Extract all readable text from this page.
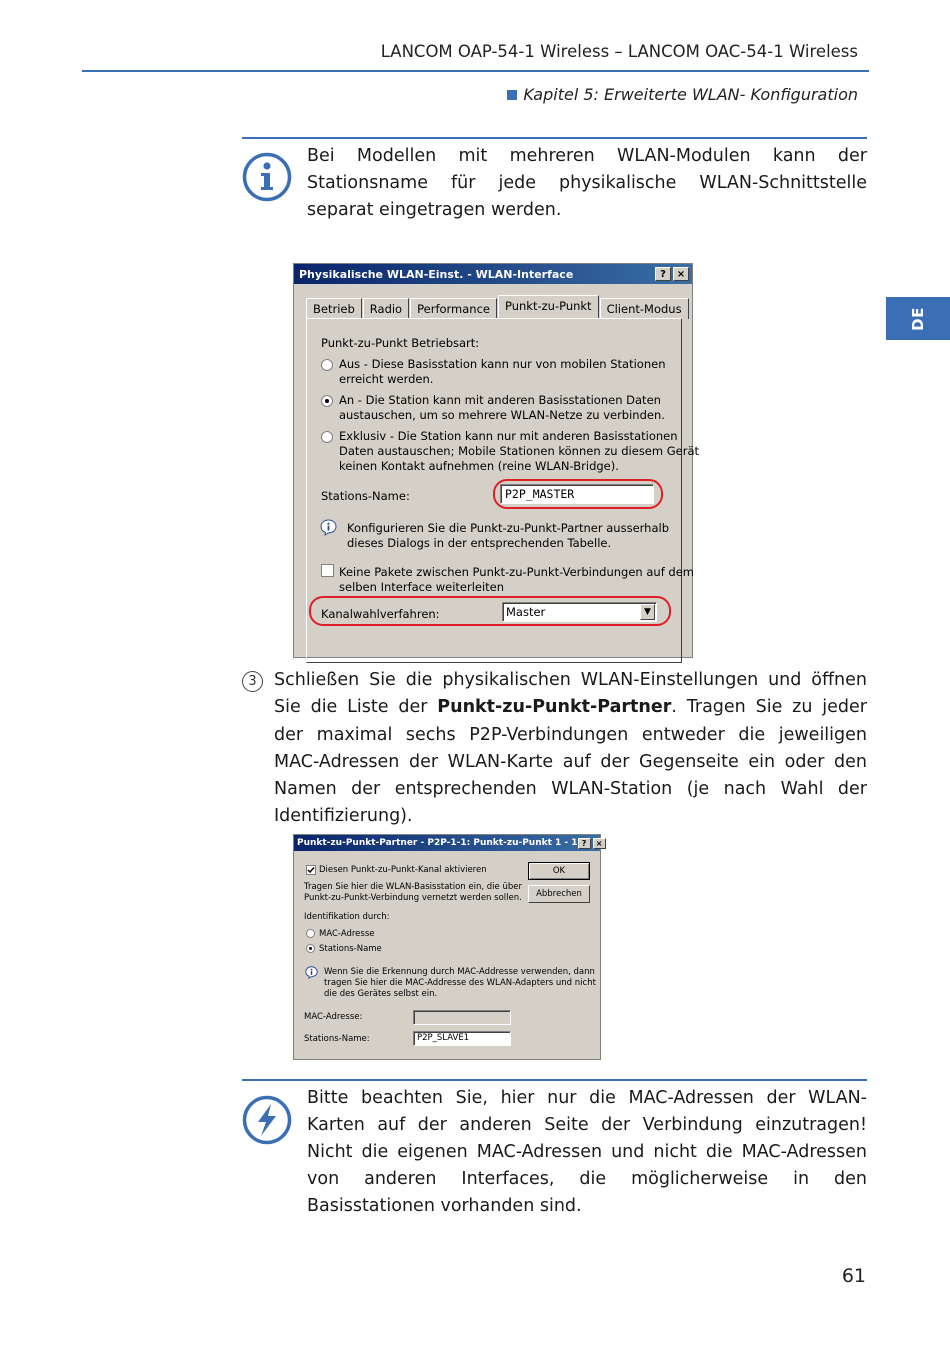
LANCOM OAP-54-1 Wireless – LANCOM OAC-54-1 Wireless
Kapitel 5: Erweiterte WLAN- Konfiguration
DE
Bei Modellen mit mehreren WLAN-Modulen kann der Stationsname für jede physikalische WLAN-Schnittstelle separat eingetragen werden.
Physikalische WLAN-Einst. - WLAN-Interface	?	×
Betrieb	Radio	Performance	Punkt-zu-Punkt	Client-Modus
Punkt-zu-Punkt Betriebsart:
Aus - Diese Basisstation kann nur von mobilen Stationen
erreicht werden.
An - Die Station kann mit anderen Basisstationen Daten
austauschen, um so mehrere WLAN-Netze zu verbinden.
Exklusiv - Die Station kann nur mit anderen Basisstationen
Daten austauschen; Mobile Stationen können zu diesem Gerät
keinen Kontakt aufnehmen (reine WLAN-Bridge).
Stations-Name:	P2P_MASTER
Konfigurieren Sie die Punkt-zu-Punkt-Partner ausserhalb
dieses Dialogs in der entsprechenden Tabelle.
Keine Pakete zwischen Punkt-zu-Punkt-Verbindungen auf dem
selben Interface weiterleiten
Kanalwahlverfahren:	Master	▼
3 Schließen Sie die physikalischen WLAN-Einstellungen und öffnen Sie die Liste der Punkt-zu-Punkt-Partner. Tragen Sie zu jeder der maximal sechs P2P-Verbindungen entweder die jeweiligen MAC-Adressen der WLAN-Karte auf der Gegenseite ein oder den Namen der entsprechenden WLAN-Station (je nach Wahl der Identifizierung).
Punkt-zu-Punkt-Partner - P2P-1-1: Punkt-zu-Punkt 1 - 1 ?	×
Diesen Punkt-zu-Punkt-Kanal aktivieren	OK
Abbrechen
Tragen Sie hier die WLAN-Basisstation ein, die über
Punkt-zu-Punkt-Verbindung vernetzt werden sollen.
Identifikation durch:
MAC-Adresse
Stations-Name
Wenn Sie die Erkennung durch MAC-Addresse verwenden, dann
tragen Sie hier die MAC-Addresse des WLAN-Adapters und nicht
die des Gerätes selbst ein.
MAC-Adresse:
Stations-Name:	P2P_SLAVE1
Bitte beachten Sie, hier nur die MAC-Adressen der WLAN-Karten auf der anderen Seite der Verbindung einzutragen! Nicht die eigenen MAC-Adressen und nicht die MAC-Adressen von anderen Interfaces, die möglicherweise in den Basisstationen vorhanden sind.
61
